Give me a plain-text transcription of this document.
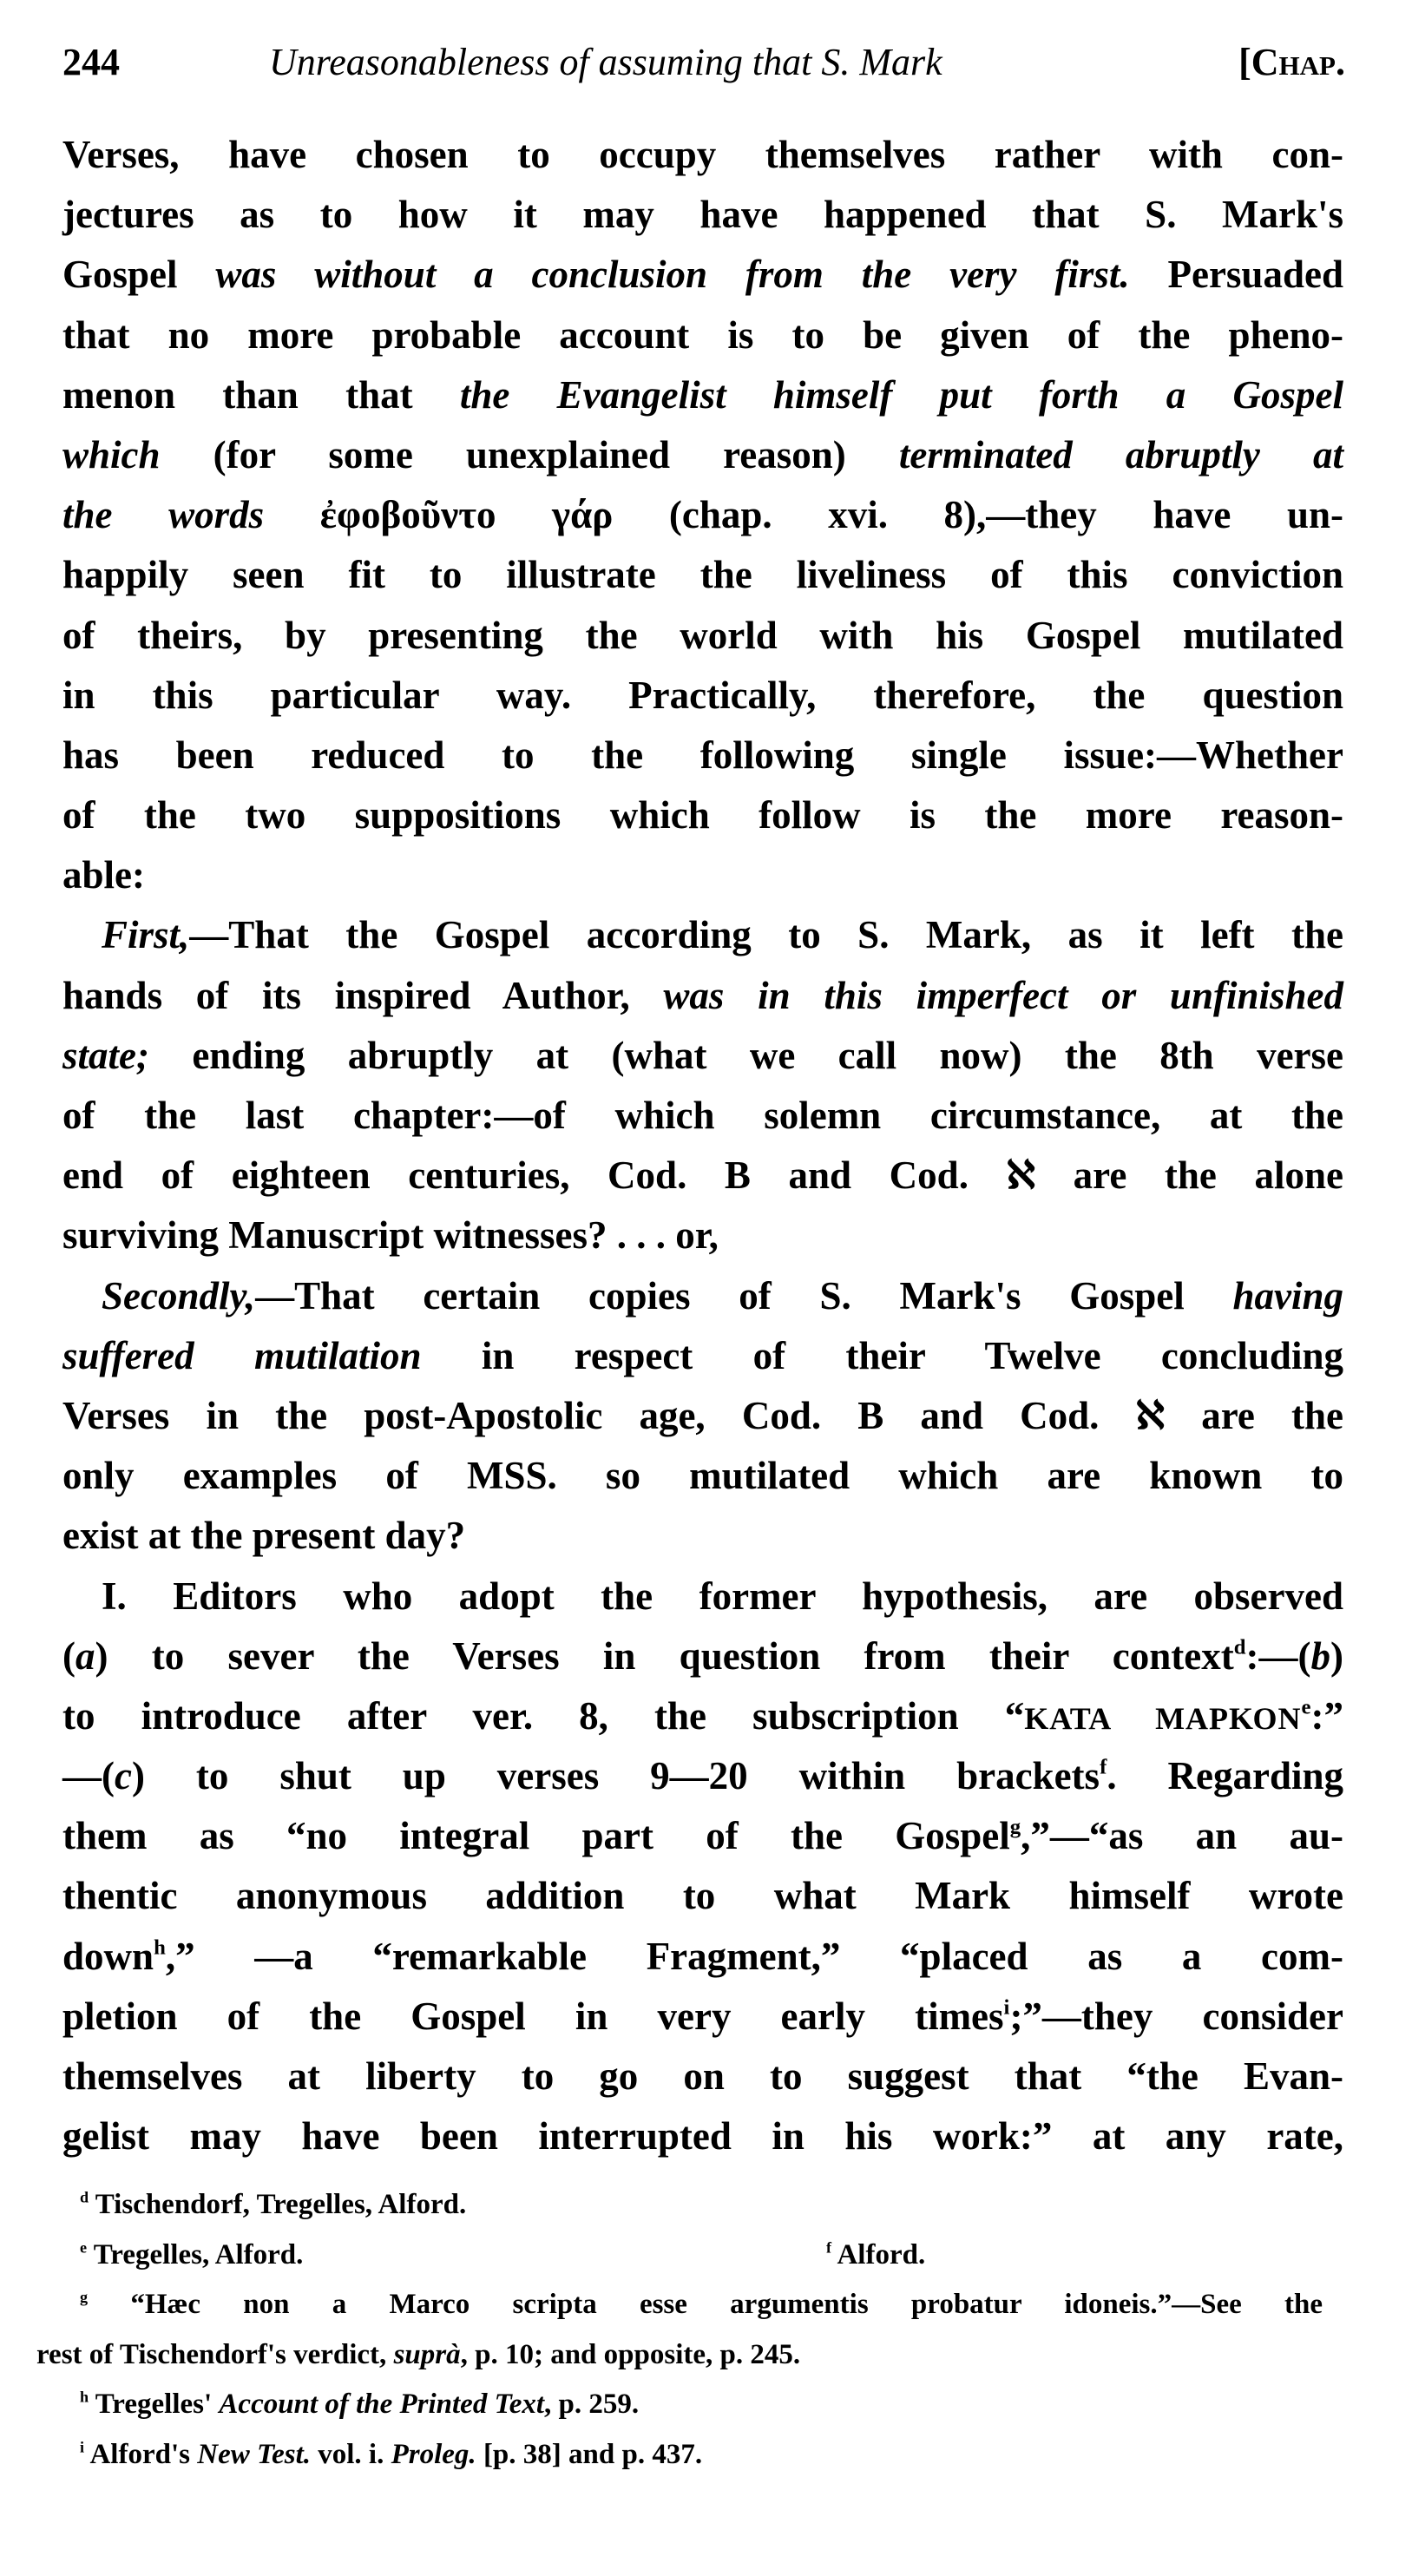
244	Unreasonableness of assuming that S. Mark	[Chap.
Verses, have chosen to occupy themselves rather with con-
jectures as to how it may have happened that S. Mark's
Gospel was without a conclusion from the very first. Persuaded
that no more probable account is to be given of the pheno-
menon than that the Evangelist himself put forth a Gospel
which (for some unexplained reason) terminated abruptly at
the words ἐφοβοῦντο γάρ (chap. xvi. 8),—they have un-
happily seen fit to illustrate the liveliness of this conviction
of theirs, by presenting the world with his Gospel mutilated
in this particular way. Practically, therefore, the question
has been reduced to the following single issue:—Whether
of the two suppositions which follow is the more reason-
able:
First,—That the Gospel according to S. Mark, as it left the
hands of its inspired Author, was in this imperfect or unfinished
state; ending abruptly at (what we call now) the 8th verse
of the last chapter:—of which solemn circumstance, at the
end of eighteen centuries, Cod. B and Cod. ℵ are the alone
surviving Manuscript witnesses? . . . or,
Secondly,—That certain copies of S. Mark's Gospel having
suffered mutilation in respect of their Twelve concluding
Verses in the post-Apostolic age, Cod. B and Cod. ℵ are the
only examples of MSS. so mutilated which are known to
exist at the present day?
I. Editors who adopt the former hypothesis, are observed
(a) to sever the Verses in question from their context$^d$:—(b)
to introduce after ver. 8, the subscription “ΚΑΤΑ ΜΑΡΚΟΝ$^e$:”
—(c) to shut up verses 9—20 within brackets$^f$. Regarding
them as “no integral part of the Gospel$^g$,”—“as an au-
thentic anonymous addition to what Mark himself wrote
down$^h$,” —a “remarkable Fragment,” “placed as a com-
pletion of the Gospel in very early times$^i$;”—they consider
themselves at liberty to go on to suggest that “the Evan-
gelist may have been interrupted in his work:” at any rate,
$^d$ Tischendorf, Tregelles, Alford.
$^e$ Tregelles, Alford.	$^f$ Alford.
$^g$ “Hæc non a Marco scripta esse argumentis probatur idoneis.”—See the
rest of Tischendorf's verdict, suprà, p. 10; and opposite, p. 245.
$^h$ Tregelles' Account of the Printed Text, p. 259.
$^i$ Alford's New Test. vol. i. Proleg. [p. 38] and p. 437.
